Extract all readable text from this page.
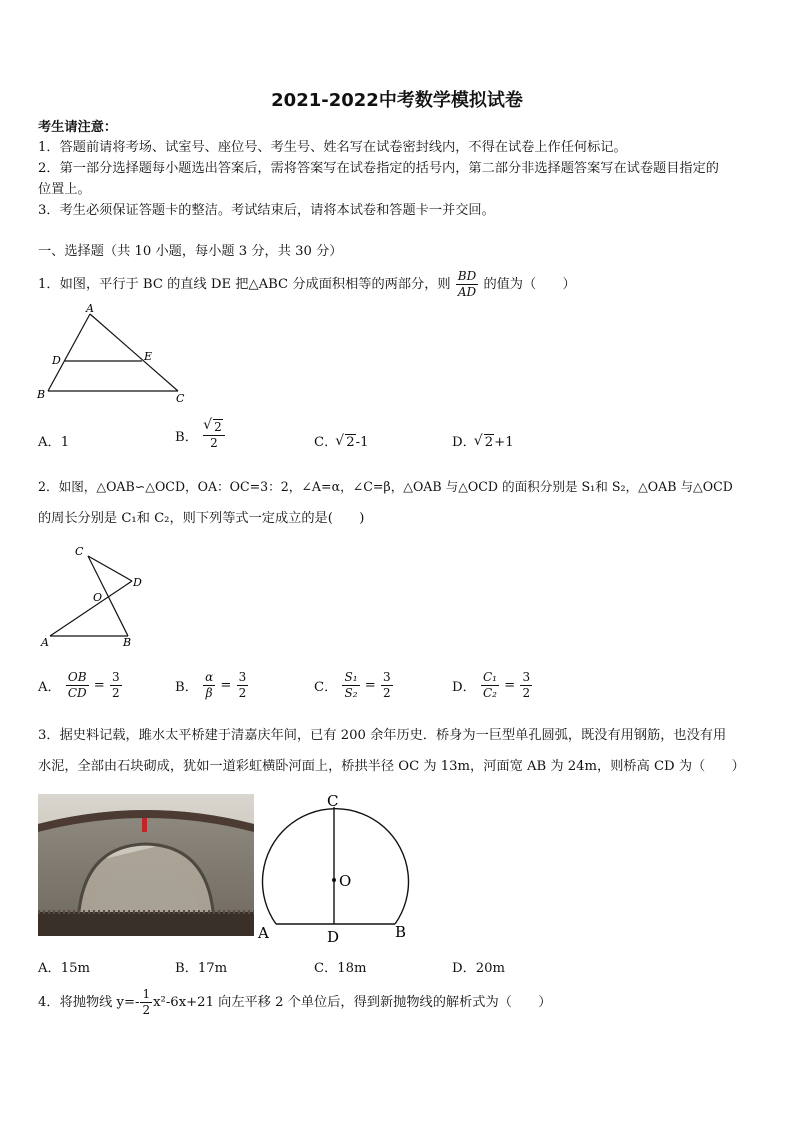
2021-2022中考数学模拟试卷
考生请注意：
1．答题前请将考场、试室号、座位号、考生号、姓名写在试卷密封线内，不得在试卷上作任何标记。
2．第一部分选择题每小题选出答案后，需将答案写在试卷指定的括号内，第二部分非选择题答案写在试卷题目指定的
位置上。
3．考生必须保证答题卡的整洁。考试结束后，请将本试卷和答题卡一并交回。
一、选择题（共 10 小题，每小题 3 分，共 30 分）
1．如图，平行于 BC 的直线 DE 把△ABC 分成面积相等的两部分，则 $\frac{BD}{AD}$ 的值为（　　）
A
D	E
B	C
A．1	B． √ $\frac{2}{2}$	C． √ 2-1	D． √ 2+1
2．如图，△OAB∽△OCD，OA：OC=3：2，∠A=α，∠C=β，△OAB 与△OCD 的面积分别是 S₁和 S₂，△OAB 与△OCD
的周长分别是 C₁和 C₂，则下列等式一定成立的是(　　)
C
D
O
A	B
A． $\frac{OB}{CD} = \frac{3}{2}$	B． $\frac{\alpha}{\beta} = \frac{3}{2}$	C． $\frac{\text{S₁}}{\text{S₂}} = \frac{3}{2}$	D． $\frac{\text{C₁}}{\text{C₂}} = \frac{3}{2}$
3．据史料记载，雎水太平桥建于清嘉庆年间，已有 200 余年历史．桥身为一巨型单孔圆弧，既没有用钢筋，也没有用
水泥，全部由石块砌成，犹如一道彩虹横卧河面上，桥拱半径 OC 为 13m，河面宽 AB 为 24m，则桥高 CD 为（　　）
C
O
A	D	B
A．15m	B．17m	C．18m	D．20m
4．将抛物线 $y=- \frac{1}{2} x^2-6x+21$ 向左平移 2 个单位后，得到新抛物线的解析式为（　　）
